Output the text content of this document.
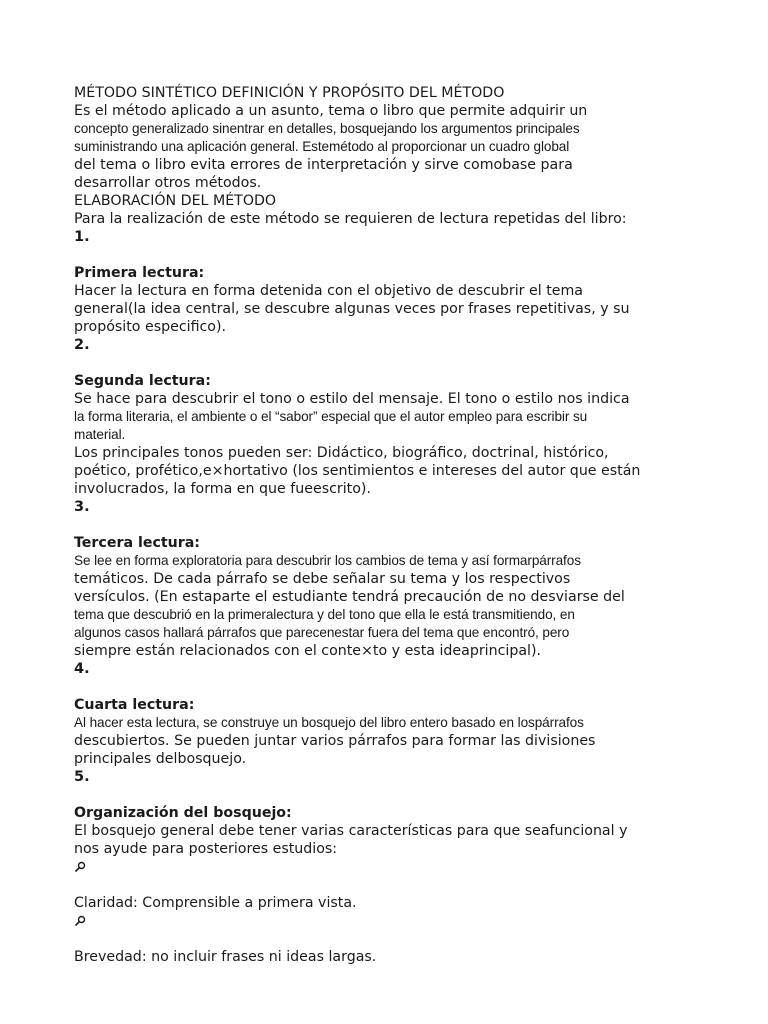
MÉTODO SINTÉTICO DEFINICIÓN Y PROPÓSITO DEL MÉTODO
Es el método aplicado a un asunto, tema o libro que permite adquirir un
concepto generalizado sinentrar en detalles, bosquejando los argumentos principales
suministrando una aplicación general. Estemétodo al proporcionar un cuadro global
del tema o libro evita errores de interpretación y sirve comobase para
desarrollar otros métodos.
ELABORACIÓN DEL MÉTODO
Para la realización de este método se requieren de lectura repetidas del libro:
1.
Primera lectura:
Hacer la lectura en forma detenida con el objetivo de descubrir el tema
general(la idea central, se descubre algunas veces por frases repetitivas, y su
propósito especifico).
2.
Segunda lectura:
Se hace para descubrir el tono o estilo del mensaje. El tono o estilo nos indica
la forma literaria, el ambiente o el “sabor” especial que el autor empleo para escribir su
material.
Los principales tonos pueden ser: Didáctico, biográfico, doctrinal, histórico,
poético, profético,e×hortativo (los sentimientos e intereses del autor que están
involucrados, la forma en que fueescrito).
3.
Tercera lectura:
Se lee en forma exploratoria para descubrir los cambios de tema y así formarpárrafos
temáticos. De cada párrafo se debe señalar su tema y los respectivos
versículos. (En estaparte el estudiante tendrá precaución de no desviarse del
tema que descubrió en la primeralectura y del tono que ella le está transmitiendo, en
algunos casos hallará párrafos que parecenestar fuera del tema que encontró, pero
siempre están relacionados con el conte×to y esta ideaprincipal).
4.
Cuarta lectura:
Al hacer esta lectura, se construye un bosquejo del libro entero basado en lospárrafos
descubiertos. Se pueden juntar varios párrafos para formar las divisiones
principales delbosquejo.
5.
Organización del bosquejo:
El bosquejo general debe tener varias características para que seafuncional y
nos ayude para posteriores estudios:
Claridad: Comprensible a primera vista.
Brevedad: no incluir frases ni ideas largas.
